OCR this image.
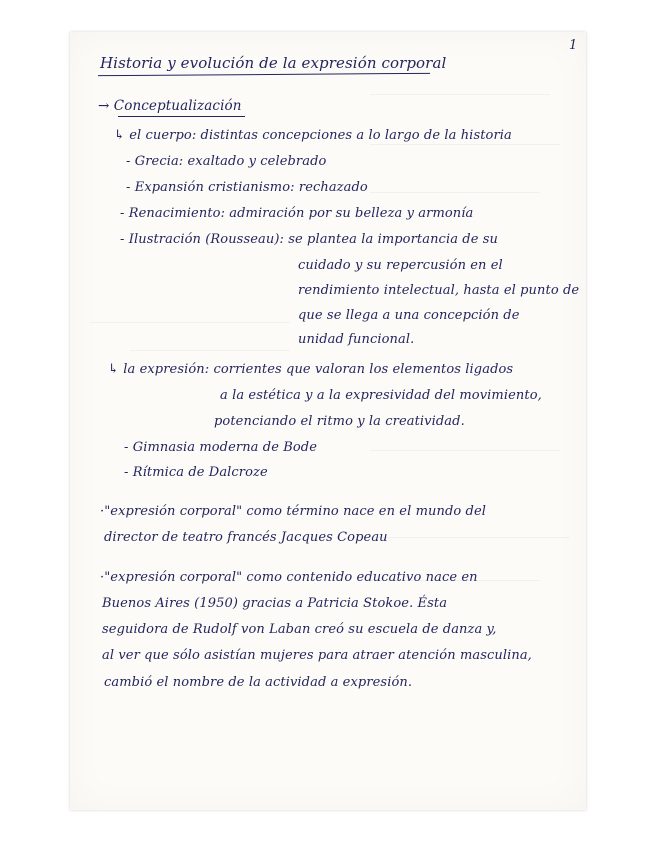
1
Historia y evolución de la expresión corporal
→ Conceptualización
↳ el cuerpo: distintas concepciones a lo largo de la historia
- Grecia: exaltado y celebrado
- Expansión cristianismo: rechazado
- Renacimiento: admiración por su belleza y armonía
- Ilustración (Rousseau): se plantea la importancia de su
cuidado y su repercusión en el
rendimiento intelectual, hasta el punto de
que se llega a una concepción de
unidad funcional.
↳ la expresión: corrientes que valoran los elementos ligados
a la estética y a la expresividad del movimiento,
potenciando el ritmo y la creatividad.
- Gimnasia moderna de Bode
- Rítmica de Dalcroze
·"expresión corporal" como término nace en el mundo del
director de teatro francés Jacques Copeau
·"expresión corporal" como contenido educativo nace en
Buenos Aires (1950) gracias a Patricia Stokoe. Ésta
seguidora de Rudolf von Laban creó su escuela de danza y,
al ver que sólo asistían mujeres para atraer atención masculina,
cambió el nombre de la actividad a expresión.
